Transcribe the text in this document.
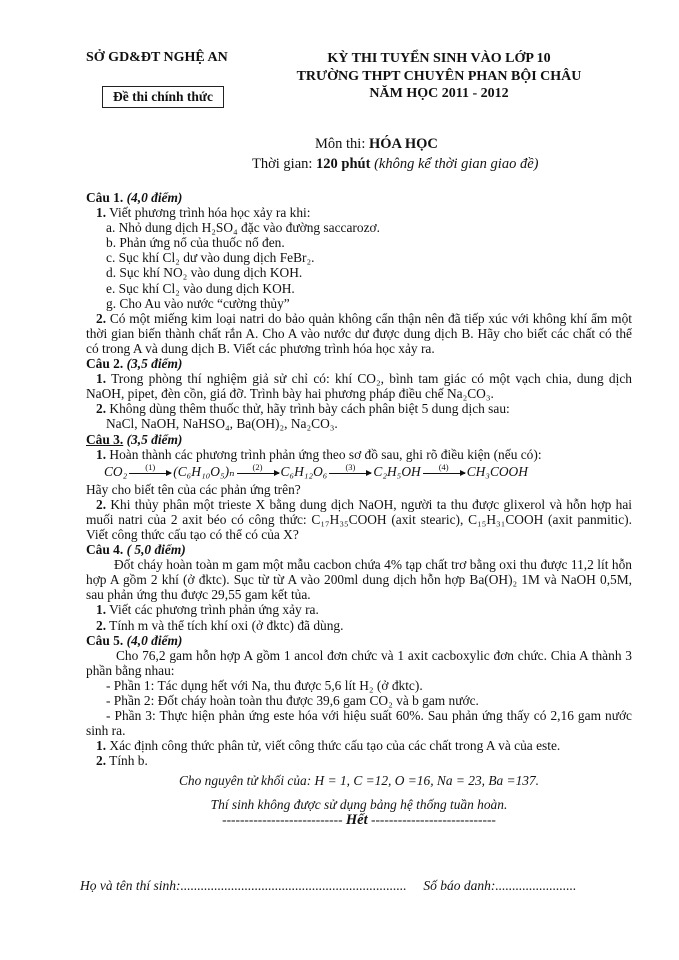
SỞ GD&ĐT NGHỆ AN
Đề thi chính thức
KỲ THI TUYỂN SINH VÀO LỚP 10
TRƯỜNG THPT CHUYÊN PHAN BỘI CHÂU
NĂM HỌC 2011 - 2012
Môn thi: HÓA HỌC
Thời gian: 120 phút (không kể thời gian giao đề)

Câu 1. (4,0 điểm)

1. Viết phương trình hóa học xảy ra khi:

a. Nhỏ dung dịch H₂SO₄ đặc vào đường saccarozơ.

b. Phản ứng nổ của thuốc nổ đen.

c. Sục khí Cl₂ dư vào dung dịch FeBr₂.

d. Sục khí NO₂ vào dung dịch KOH.

e. Sục khí Cl₂ vào dung dịch KOH.

g. Cho Au vào nước “cường thủy”

2. Có một miếng kim loại natri do bảo quản không cẩn thận nên đã tiếp xúc với không khí ẩm một thời gian biến thành chất rắn A. Cho A vào nước dư được dung dịch B. Hãy cho biết các chất có thể có trong A và dung dịch B. Viết các phương trình hóa học xảy ra.

Câu 2. (3,5 điểm)

1. Trong phòng thí nghiệm giả sử chỉ có: khí CO₂, bình tam giác có một vạch chia, dung dịch NaOH, pipet, đèn cồn, giá đỡ. Trình bày hai phương pháp điều chế Na₂CO₃.

2. Không dùng thêm thuốc thử, hãy trình bày cách phân biệt 5 dung dịch sau:

NaCl, NaOH, NaHSO₄, Ba(OH)₂, Na₂CO₃.

Câu 3. (3,5 điểm)

1. Hoàn thành các phương trình phản ứng theo sơ đồ sau, ghi rõ điều kiện (nếu có):

CO₂	(1)	(C₆H₁₀O₅)ₙ	(2)	C₆H₁₂O₆	(3)	C₂H₅OH	(4)	CH₃COOH

Hãy cho biết tên của các phản ứng trên?

2. Khi thủy phân một trieste X bằng dung dịch NaOH, người ta thu được glixerol và hỗn hợp hai muối natri của 2 axit béo có công thức: C₁₇H₃₅COOH (axit stearic), C₁₅H₃₁COOH (axit panmitic). Viết công thức cấu tạo có thể có của X?

Câu 4. ( 5,0 điểm)

Đốt cháy hoàn toàn m gam một mẫu cacbon chứa 4% tạp chất trơ bằng oxi thu được 11,2 lít hỗn hợp A gồm 2 khí (ở đktc). Sục từ từ A vào 200ml dung dịch hỗn hợp Ba(OH)₂ 1M và NaOH 0,5M, sau phản ứng thu được 29,55 gam kết tủa.

1. Viết các phương trình phản ứng xảy ra.

2. Tính m và thể tích khí oxi (ở đktc) đã dùng.

Câu 5. (4,0 điểm)

Cho 76,2 gam hỗn hợp A gồm 1 ancol đơn chức và 1 axit cacboxylic đơn chức. Chia A thành 3 phần bằng nhau:

- Phần 1: Tác dụng hết với Na, thu được 5,6 lít H₂ (ở đktc).

- Phần 2: Đốt cháy hoàn toàn thu được 39,6 gam CO₂ và b gam nước.

- Phần 3: Thực hiện phản ứng este hóa với hiệu suất 60%. Sau phản ứng thấy có 2,16 gam nước sinh ra.

1. Xác định công thức phân tử, viết công thức cấu tạo của các chất trong A và của este.

2. Tính b.

Cho nguyên tử khối của: H = 1, C =12, O =16, Na = 23, Ba =137.

Thí sinh không được sử dụng bảng hệ thống tuần hoàn.

--------------------------- Hết ----------------------------

Họ và tên thí sinh:................................................................... Số báo danh:........................
